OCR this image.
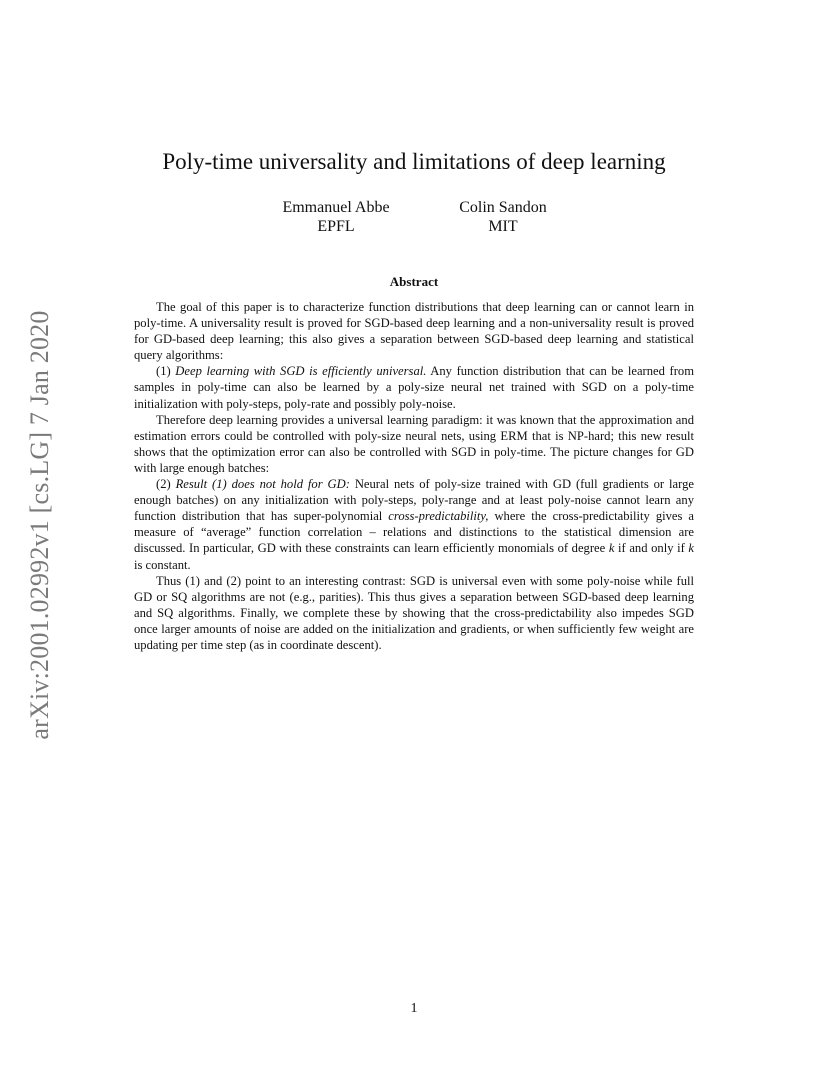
arXiv:2001.02992v1 [cs.LG] 7 Jan 2020
Poly-time universality and limitations of deep learning
Emmanuel Abbe
EPFL
Colin Sandon
MIT
Abstract

The goal of this paper is to characterize function distributions that deep learning can or cannot learn in poly-time. A universality result is proved for SGD-based deep learning and a non-universality result is proved for GD-based deep learning; this also gives a separation between SGD-based deep learning and statistical query algorithms:

(1) Deep learning with SGD is efficiently universal. Any function distribution that can be learned from samples in poly-time can also be learned by a poly-size neural net trained with SGD on a poly-time initialization with poly-steps, poly-rate and possibly poly-noise.

Therefore deep learning provides a universal learning paradigm: it was known that the approximation and estimation errors could be controlled with poly-size neural nets, using ERM that is NP-hard; this new result shows that the optimization error can also be controlled with SGD in poly-time. The picture changes for GD with large enough batches:

(2) Result (1) does not hold for GD: Neural nets of poly-size trained with GD (full gradients or large enough batches) on any initialization with poly-steps, poly-range and at least poly-noise cannot learn any function distribution that has super-polynomial cross-predictability, where the cross-predictability gives a measure of “average” function correlation – relations and distinctions to the statistical dimension are discussed. In particular, GD with these constraints can learn efficiently monomials of degree k if and only if k is constant.

Thus (1) and (2) point to an interesting contrast: SGD is universal even with some poly-noise while full GD or SQ algorithms are not (e.g., parities). This thus gives a separation between SGD-based deep learning and SQ algorithms. Finally, we complete these by showing that the cross-predictability also impedes SGD once larger amounts of noise are added on the initialization and gradients, or when sufficiently few weight are updating per time step (as in coordinate descent).

1
